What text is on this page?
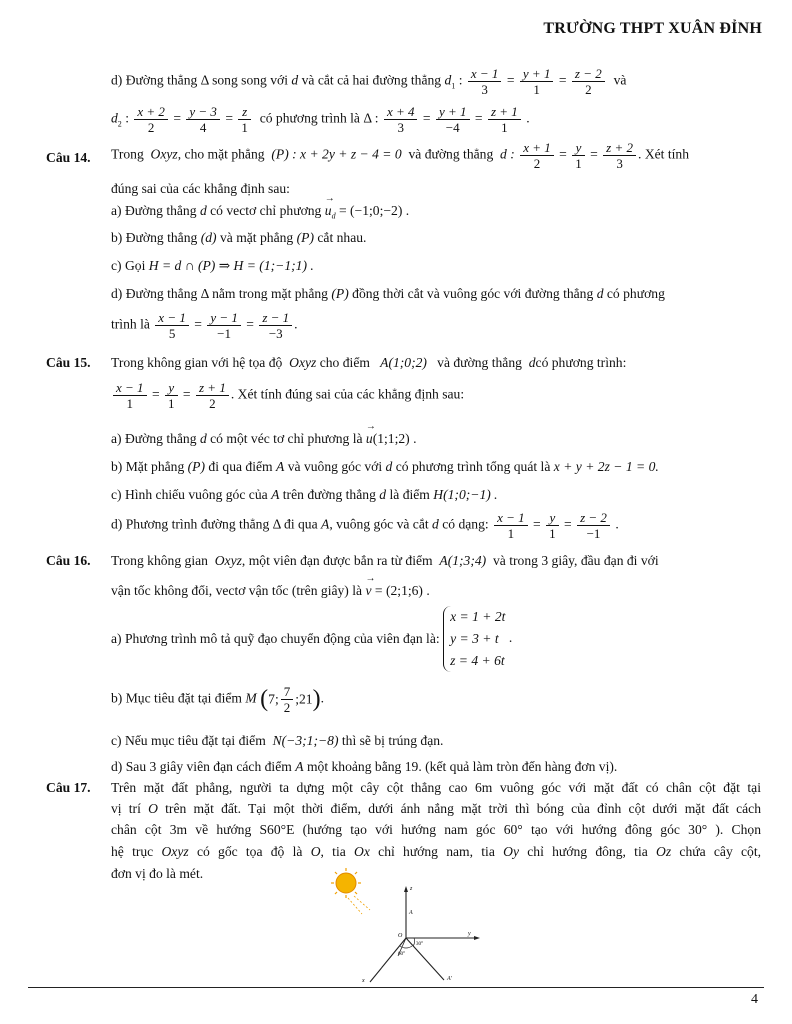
TRƯỜNG THPT XUÂN ĐỈNH
d) Đường thẳng Δ song song với d và cắt cả hai đường thẳng $d_1$ : $\frac{x - 1}{3} = \frac{y + 1}{1} = \frac{z - 2}{2}$ và
$d_2$ : $\frac{x + 2}{2} = \frac{y - 3}{4} = \frac{z}{1}$ có phương trình là Δ : $\frac{x + 4}{3} = \frac{y + 1}{-4} = \frac{z + 1}{1}$ .
Câu 14. Trong Oxyz, cho mặt phẳng (P) : x + 2y + z − 4 = 0 và đường thẳng d : $\frac{x + 1}{2} = \frac{y}{1} = \frac{z + 2}{3}$ . Xét tính
đúng sai của các khẳng định sau:
a) Đường thẳng d có vectơ chỉ phương → $u_d$ = (−1;0;−2) .
b) Đường thẳng (d) và mặt phẳng (P) cắt nhau.
c) Gọi H = d ∩ (P) ⇒ H = (1;−1;1) .
d) Đường thẳng Δ nằm trong mặt phẳng (P) đồng thời cắt và vuông góc với đường thẳng d có phương
trình là $\frac{x - 1}{5} = \frac{y - 1}{-1} = \frac{z - 1}{-3}$ .
Câu 15. Trong không gian với hệ tọa độ Oxyz cho điểm A(1;0;2) và đường thẳng dcó phương trình:
$\frac{x - 1}{1} = \frac{y}{1} = \frac{z + 1}{2}$ . Xét tính đúng sai của các khẳng định sau:
a) Đường thẳng d có một véc tơ chỉ phương là → u(1;1;2) .
b) Mặt phẳng (P) đi qua điểm A và vuông góc với d có phương trình tổng quát là x + y + 2z − 1 = 0.
c) Hình chiếu vuông góc của A trên đường thẳng d là điểm H(1;0;−1) .
d) Phương trình đường thẳng Δ đi qua A, vuông góc và cắt d có dạng: $\frac{x - 1}{1} = \frac{y}{1} = \frac{z - 2}{-1}$ .
Câu 16. Trong không gian Oxyz, một viên đạn được bắn ra từ điểm A(1;3;4) và trong 3 giây, đầu đạn đi với
vận tốc không đổi, vectơ vận tốc (trên giây) là → v = (2;1;6) .
a) Phương trình mô tả quỹ đạo chuyển động của viên đạn là:
x = 1 + 2t
y = 3 + t
z = 4 + 6t
.
b) Mục tiêu đặt tại điểm M (7; $\frac{7}{2}$ ;21).
c) Nếu mục tiêu đặt tại điểm N(−3;1;−8) thì sẽ bị trúng đạn.
d) Sau 3 giây viên đạn cách điểm A một khoảng bằng 19. (kết quả làm tròn đến hàng đơn vị).
Câu 17. Trên mặt đất phẳng, người ta dựng một cây cột thẳng cao 6m vuông góc với mặt đất có chân cột đặt tại
vị trí O trên mặt đất. Tại một thời điểm, dưới ánh nắng mặt trời thì bóng của đỉnh cột dưới mặt đất cách
chân cột 3m về hướng S60°E (hướng tạo với hướng nam góc 60° tạo với hướng đông góc 30° ). Chọn
hệ trục Oxyz có gốc tọa độ là O, tia Ox chỉ hướng nam, tia Oy chỉ hướng đông, tia Oz chứa cây cột,
đơn vị đo là mét.
z
A
O	y
30°
60°
x	A'
4
